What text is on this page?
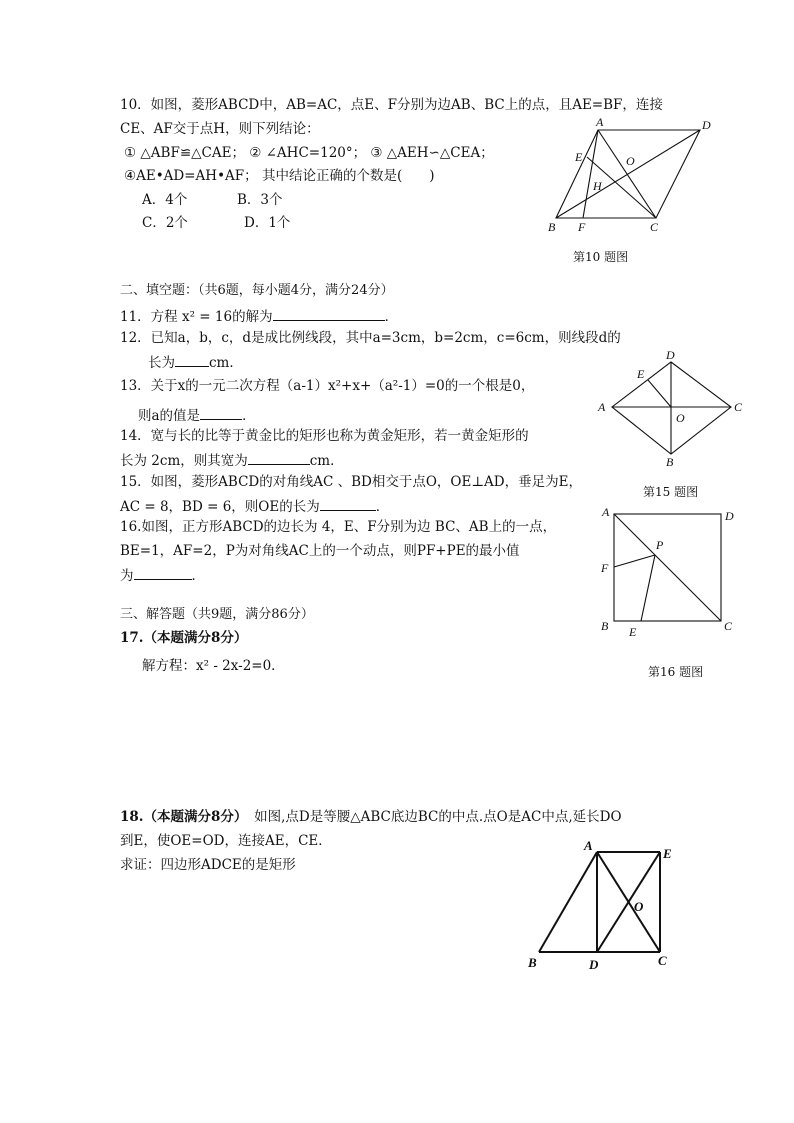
10．如图，菱形ABCD中，AB=AC，点E、F分别为边AB、BC上的点，且AE=BF，连接
CE、AF交于点H，则下列结论：
① △ABF≌△CAE； ② ∠AHC=120°； ③ △AEH∽△CEA；
④AE•AD=AH•AF； 其中结论正确的个数是(　　)
A．4个	B．3个
C．2个	D．1个
A	D
E	O
H
B F	C
第10 题图
二、填空题：（共6题，每小题4分，满分24分）
11．方程 x² = 16的解为	．
12．已知a，b，c，d是成比例线段，其中a=3cm，b=2cm，c=6cm，则线段d的
长为	cm．
13．关于x的一元二次方程（a-1）x²+x+（a²-1）=0的一个根是0，
则a的值是	．
D
E
A
O
C
B
第15 题图
14．宽与长的比等于黄金比的矩形也称为黄金矩形，若一黄金矩形的
长为 2cm，则其宽为	cm．
15．如图，菱形ABCD的对角线AC 、BD相交于点O，OE⊥AD，垂足为E，
AC = 8，BD = 6，则OE的长为	．
16.如图，正方形ABCD的边长为 4，E、F分别为边 BC、AB上的一点，
BE=1，AF=2，P为对角线AC上的一个动点，则PF+PE的最小值
为	．
A	D
P
F
B E	C
第16 题图
三、解答题（共9题，满分86分）
17.（本题满分8分）
解方程：x² - 2x-2=0．
18.（本题满分8分）　如图,点D是等腰△ABC底边BC的中点.点O是AC中点,延长DO
到E，使OE=OD，连接AE，CE．
求证：四边形ADCE的是矩形
A
E
O
B	D	C
